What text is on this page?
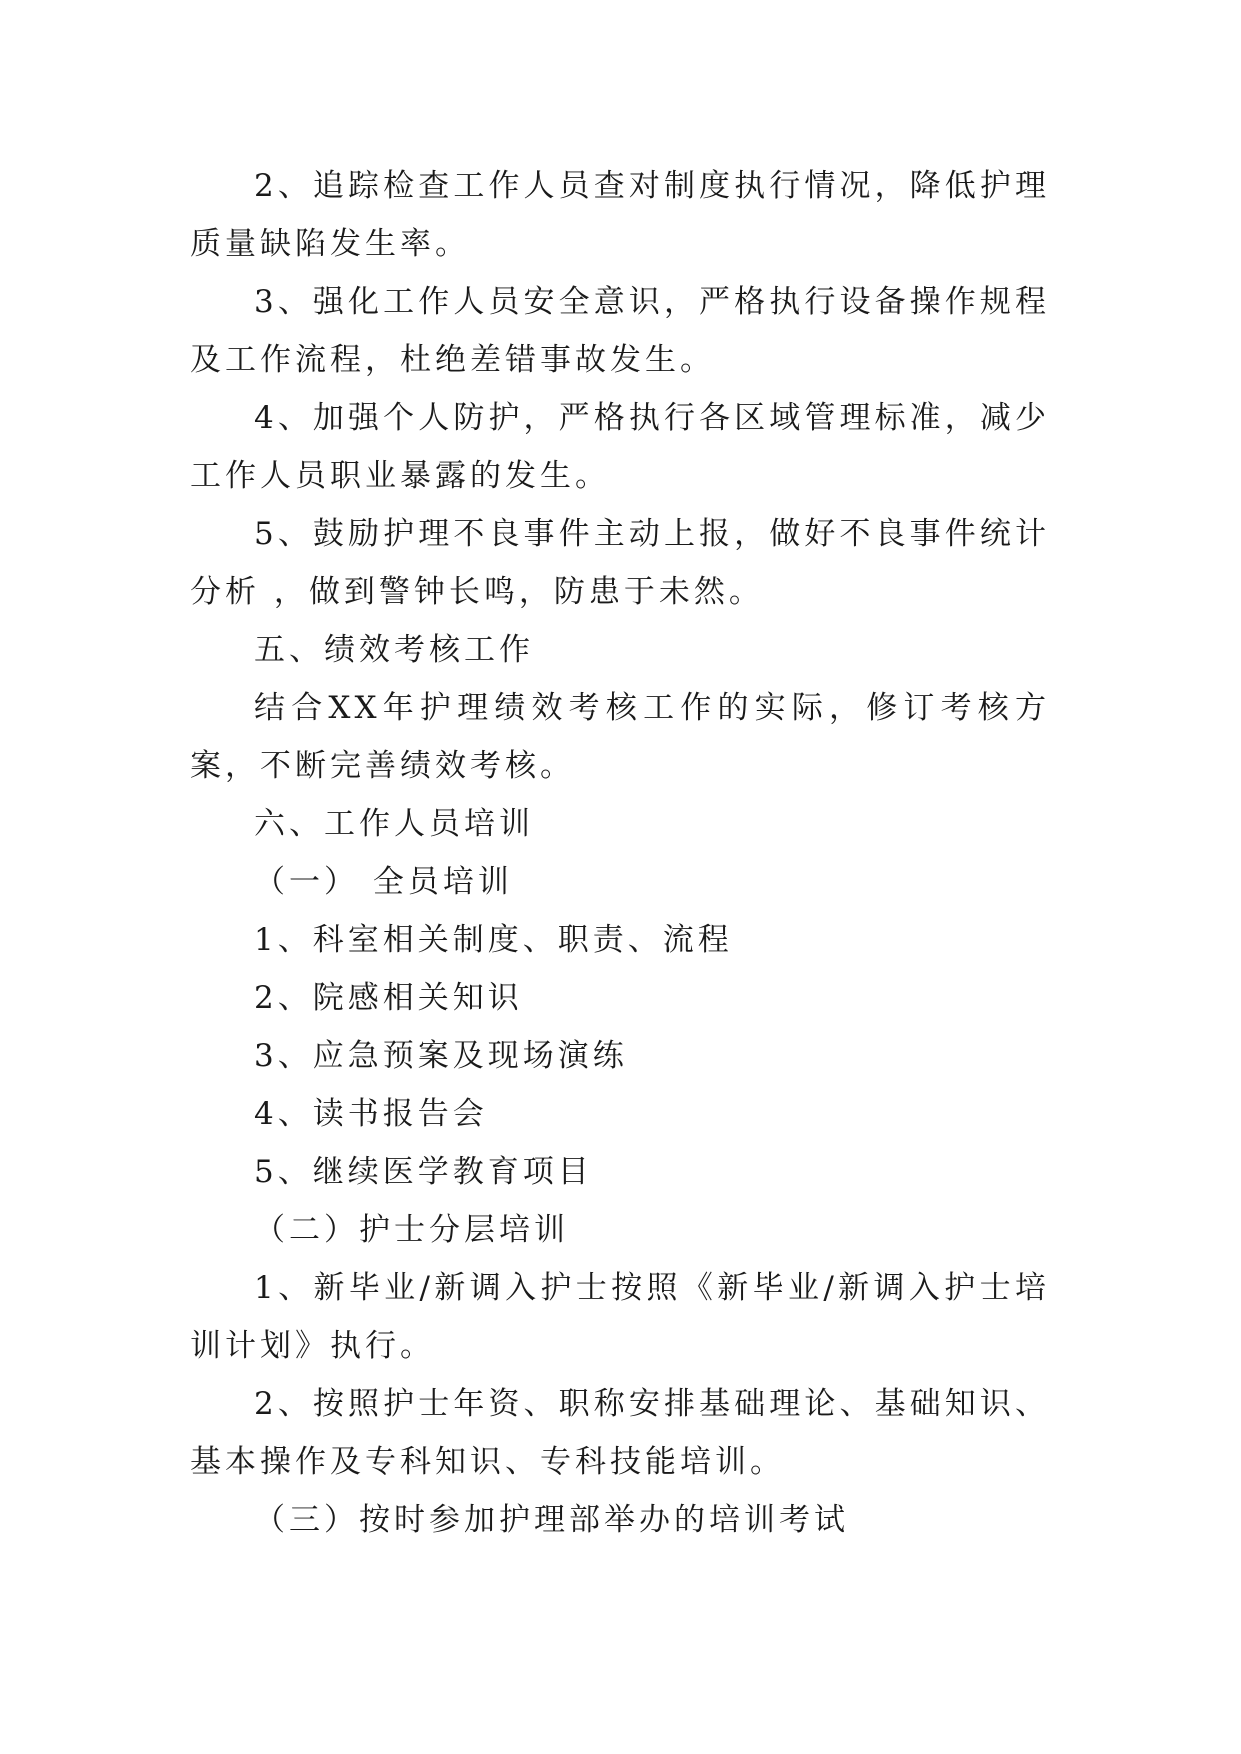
2、追踪检查工作人员查对制度执行情况，降低护理质量缺陷发生率。

3、强化工作人员安全意识，严格执行设备操作规程及工作流程，杜绝差错事故发生。

4、加强个人防护，严格执行各区域管理标准，减少工作人员职业暴露的发生。

5、鼓励护理不良事件主动上报，做好不良事件统计分析 ，做到警钟长鸣，防患于未然。

五、绩效考核工作

结合XX年护理绩效考核工作的实际，修订考核方案，不断完善绩效考核。

六、工作人员培训

（一） 全员培训

1、科室相关制度、职责、流程

2、院感相关知识

3、应急预案及现场演练

4、读书报告会

5、继续医学教育项目

（二）护士分层培训

1、新毕业/新调入护士按照《新毕业/新调入护士培训计划》执行。

2、按照护士年资、职称安排基础理论、基础知识、基本操作及专科知识、专科技能培训。

（三）按时参加护理部举办的培训考试
